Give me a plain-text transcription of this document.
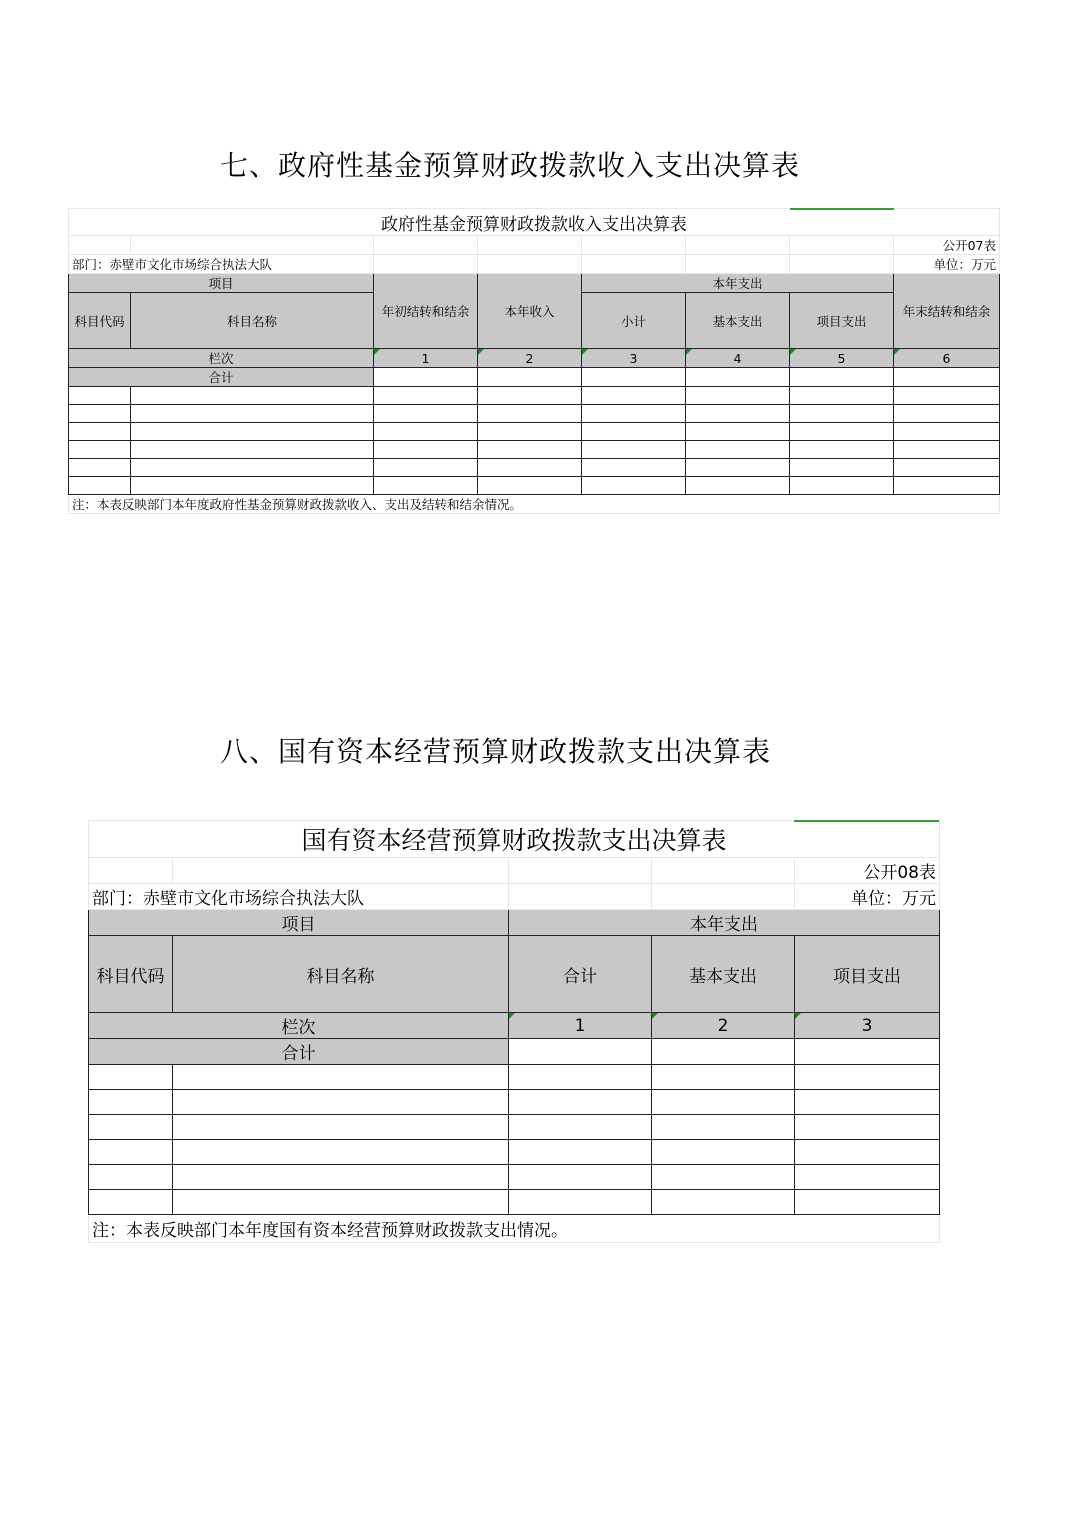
七、政府性基金预算财政拨款收入支出决算表
政府性基金预算财政拨款收入支出决算表							
							公开07表
部门：赤壁市文化市场综合执法大队							单位：万元
项目		年初结转和结余	本年收入	本年支出			年末结转和结余
科目代码	科目名称			小计	基本支出	项目支出	
栏次		1	2	3	4	5	6
合计							

注：本表反映部门本年度政府性基金预算财政拨款收入、支出及结转和结余情况。							
八、国有资本经营预算财政拨款支出决算表
国有资本经营预算财政拨款支出决算表				
				公开08表
部门：赤壁市文化市场综合执法大队				单位：万元
项目		本年支出		
科目代码	科目名称	合计	基本支出	项目支出
栏次		1	2	3
合计				

注：本表反映部门本年度国有资本经营预算财政拨款支出情况。				
